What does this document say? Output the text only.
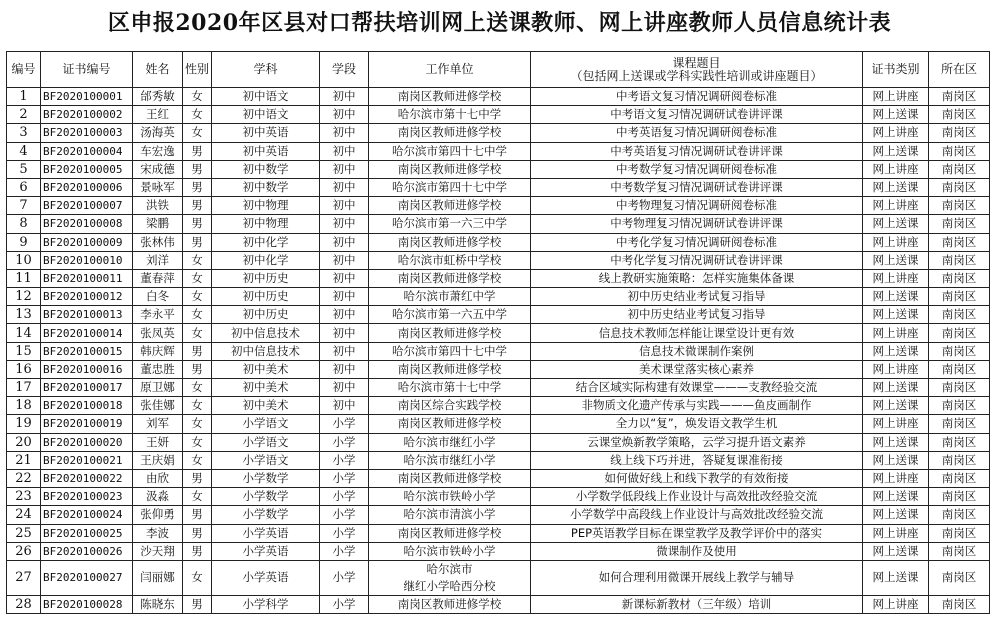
区申报2020年区县对口帮扶培训网上送课教师、网上讲座教师人员信息统计表
编号	证书编号	姓名	性别	学科	学段	工作单位	课程题目
（包括网上送课或学科实践性培训或讲座题目）	证书类别	所在区
1	BF2020100001	邰秀敏	女	初中语文	初中	南岗区教师进修学校	中考语文复习情况调研阅卷标准	网上讲座	南岗区
2	BF2020100002	王红	女	初中语文	初中	哈尔滨市第十七中学	中考语文复习情况调研试卷讲评课	网上送课	南岗区
3	BF2020100003	汤海英	女	初中英语	初中	南岗区教师进修学校	中考英语复习情况调研阅卷标准	网上讲座	南岗区
4	BF2020100004	车宏逸	男	初中英语	初中	哈尔滨市第四十七中学	中考英语复习情况调研试卷讲评课	网上送课	南岗区
5	BF2020100005	宋成德	男	初中数学	初中	南岗区教师进修学校	中考数学复习情况调研阅卷标准	网上讲座	南岗区
6	BF2020100006	景咏军	男	初中数学	初中	哈尔滨市第四十七中学	中考数学复习情况调研试卷讲评课	网上送课	南岗区
7	BF2020100007	洪铁	男	初中物理	初中	南岗区教师进修学校	中考物理复习情况调研阅卷标准	网上讲座	南岗区
8	BF2020100008	梁鹏	男	初中物理	初中	哈尔滨市第一六三中学	中考物理复习情况调研试卷讲评课	网上送课	南岗区
9	BF2020100009	张林伟	男	初中化学	初中	南岗区教师进修学校	中考化学复习情况调研阅卷标准	网上讲座	南岗区
10	BF2020100010	刘洋	女	初中化学	初中	哈尔滨市虹桥中学校	中考化学复习情况调研试卷讲评课	网上送课	南岗区
11	BF2020100011	董春萍	女	初中历史	初中	南岗区教师进修学校	线上教研实施策略：怎样实施集体备课	网上讲座	南岗区
12	BF2020100012	白冬	女	初中历史	初中	哈尔滨市萧红中学	初中历史结业考试复习指导	网上送课	南岗区
13	BF2020100013	李永平	女	初中历史	初中	哈尔滨市第一六五中学	初中历史结业考试复习指导	网上送课	南岗区
14	BF2020100014	张凤英	女	初中信息技术	初中	南岗区教师进修学校	信息技术教师怎样能让课堂设计更有效	网上讲座	南岗区
15	BF2020100015	韩庆辉	男	初中信息技术	初中	哈尔滨市第四十七中学	信息技术微课制作案例	网上送课	南岗区
16	BF2020100016	董忠胜	男	初中美术	初中	南岗区教师进修学校	美术课堂落实核心素养	网上讲座	南岗区
17	BF2020100017	原卫娜	女	初中美术	初中	哈尔滨市第十七中学	结合区域实际构建有效课堂———支教经验交流	网上送课	南岗区
18	BF2020100018	张佳娜	女	初中美术	初中	南岗区综合实践学校	非物质文化遗产传承与实践———鱼皮画制作	网上送课	南岗区
19	BF2020100019	刘军	女	小学语文	小学	南岗区教师进修学校	全力以“复”，焕发语文教学生机	网上讲座	南岗区
20	BF2020100020	王妍	女	小学语文	小学	哈尔滨市继红小学	云课堂焕新教学策略，云学习提升语文素养	网上送课	南岗区
21	BF2020100021	王庆娟	女	小学语文	小学	哈尔滨市继红小学	线上线下巧并进，答疑复课准衔接	网上送课	南岗区
22	BF2020100022	由欣	男	小学数学	小学	南岗区教师进修学校	如何做好线上和线下教学的有效衔接	网上讲座	南岗区
23	BF2020100023	汲淼	女	小学数学	小学	哈尔滨市铁岭小学	小学数学低段线上作业设计与高效批改经验交流	网上送课	南岗区
24	BF2020100024	张仰勇	男	小学数学	小学	哈尔滨市清滨小学	小学数学中高段线上作业设计与高效批改经验交流	网上送课	南岗区
25	BF2020100025	李波	男	小学英语	小学	南岗区教师进修学校	PEP英语教学目标在课堂教学及教学评价中的落实	网上讲座	南岗区
26	BF2020100026	沙天翔	男	小学英语	小学	哈尔滨市铁岭小学	微课制作及使用	网上送课	南岗区
27	BF2020100027	闫丽娜	女	小学英语	小学	哈尔滨市
继红小学哈西分校	如何合理利用微课开展线上教学与辅导	网上送课	南岗区
28	BF2020100028	陈晓东	男	小学科学	小学	南岗区教师进修学校	新课标新教材（三年级）培训	网上讲座	南岗区
